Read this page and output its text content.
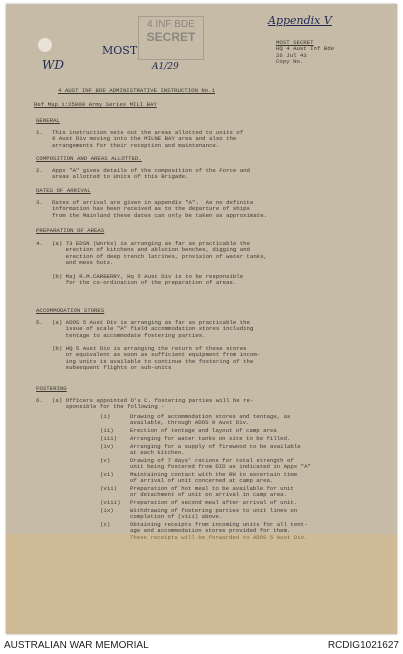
WD
4 INF BDE
SECRET
MOST
A1/29
Appendix V
MOST SECRET
HQ 4 Aust Inf Bde
26 Jul 43
Copy No.
4 AUST INF BDE ADMINISTRATIVE INSTRUCTION No.1
Ref Map 1:25000 Army Series MILI BAY
GENERAL
1. This instruction sets out the areas allotted to units of
9 Aust Div moving into the MILNE BAY area and also the
arrangements for their reception and maintenance.
COMPOSITION AND AREAS ALLOTTED.
2. Appx "A" gives details of the composition of the Force and
areas allotted to Units of this Brigade.
DATES OF ARRIVAL
3. Dates of arrival are given in appendix "A".  As no definite
information has been received as to the departure of ships
from the Mainland these dates can only be taken as approximate.
PREPARATION OF AREAS
4. (a) 73 EDSN (Works) is arranging as far as practicable the
erection of kitchens and ablution benches, digging and
erection of deep trench latrines, provision of water tanks,
and mess huts.
(b) Maj R.M.CARBERRY, Hq 5 Aust Div is to be responsible
for the co-ordination of the preparation of areas.
ACCOMMODATION STORES
5. (a) ADOS 5 Aust Div is arranging as far as practicable the
issue of scale "A" field accommodation stores including
tentage to accommodate fostering parties.
(b) HQ 5 Aust Div is arranging the return of these stores
or equivalent as soon as sufficient equipment from incom-
ing units is available to continue the fostering of the
subsequent flights or sub-units
FOSTERING
6. (a) Officers appointed O's C. fostering parties will be re-
sponsible for the following -
(i)	Drawing of accommodation stores and tentage, as
available, through ADOS 9 Aust Div.
(ii)	Erection of tentage and layout of camp area
(iii) Arranging for water tanks on site to be filled.
(iv)	Arranging for a supply of firewood to be available
at each kitchen.
(v)	Drawing of 7 days' rations for total strength of
unit being fostered from DID as indicated in Appx "A"
(vi)	Maintaining contact with the RH to ascertain time
of arrival of unit concerned at camp area.
(vii) Preparation of hot meal to be available for unit
or detachment of unit on arrival in camp area.
(viii) Preparation of second meal after arrival of unit.
(ix)	Withdrawing of fostering parties to unit lines on
completion of (viii) above.
(x)	Obtaining receipts from incoming units for all tent-
age and accommodation stores provided for them.
These receipts will be forwarded to ADOS 5 Aust Div.
AUSTRALIAN WAR MEMORIAL	RCDIG1021627
